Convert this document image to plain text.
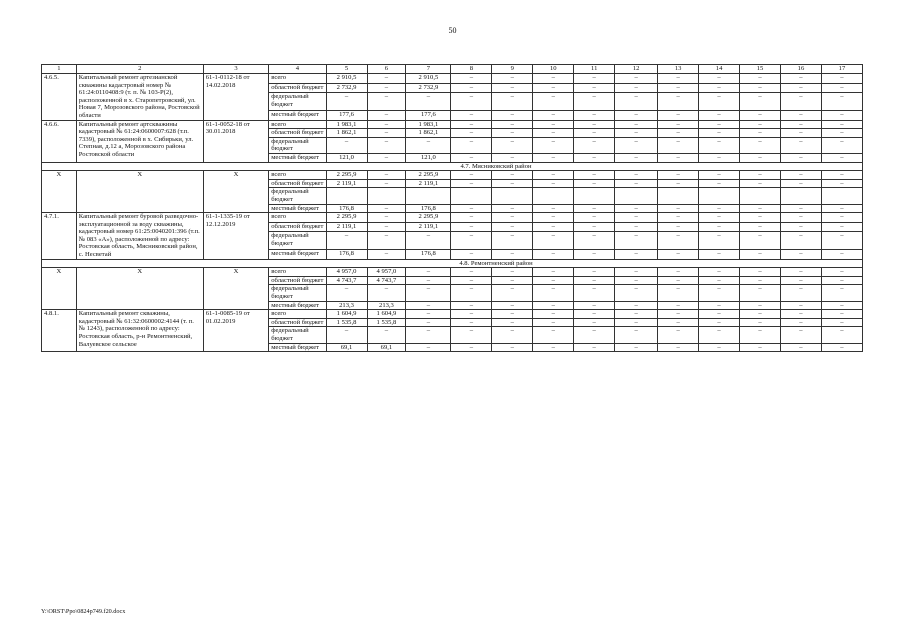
50
1	2	3	4	5	6	7	8	9	10	11	12	13	14	15	16	17
4.6.5.	Капитальный ремонт артезианской скважины кадастровый номер № 61:24:0110408:9 (т. п. № 103-Р(2), расположенной в х. Старопетровский, ул. Новая 7, Морозовского района, Ростовской области	61-1-0112-18 от 14.02.2018	всего	2 910,5	–	2 910,5	–	–	–	–	–	–	–	–	–	–
			областной бюджет	2 732,9	–	2 732,9	–	–	–	–	–	–	–	–	–	–
			федеральный бюджет	–	–	–	–	–	–	–	–	–	–	–	–	–
			местный бюджет	177,6	–	177,6	–	–	–	–	–	–	–	–	–	–
4.6.6.	Капитальный ремонт артскважины кадастровый № 61:24:0600007:628 (т.п. 7339), расположенной в х. Сибирьки, ул. Степная, д.12 а, Морозовского района Ростовской области	61-1-0052-18 от 30.01.2018	всего	1 983,1	–	1 983,1	–	–	–	–	–	–	–	–	–	–
			областной бюджет	1 862,1	–	1 862,1	–	–	–	–	–	–	–	–	–	–
			федеральный бюджет	–	–	–	–	–	–	–	–	–	–	–	–	–
			местный бюджет	121,0	–	121,0	–	–	–	–	–	–	–	–	–	–
4.7. Мясниковский район																
Х	Х	Х	всего	2 295,9	–	2 295,9	–	–	–	–	–	–	–	–	–	–
			областной бюджет	2 119,1	–	2 119,1	–	–	–	–	–	–	–	–	–	–
			федеральный бюджет													
			местный бюджет	176,8	–	176,8	–	–	–	–	–	–	–	–	–	–
4.7.1.	Капитальный ремонт буровой разведочно-эксплуатационной за воду скважины, кадастровый номер 61:25:0040201:396 (т.п. № 083 «А»), расположенной по адресу: Ростовская область, Мясниковский район, с. Несветай	61-1-1335-19 от 12.12.2019	всего	2 295,9	–	2 295,9	–	–	–	–	–	–	–	–	–	–
			областной бюджет	2 119,1	–	2 119,1	–	–	–	–	–	–	–	–	–	–
			федеральный бюджет	–	–	–	–	–	–	–	–	–	–	–	–	–
			местный бюджет	176,8	–	176,8	–	–	–	–	–	–	–	–	–	–
4.8. Ремонтненский район																
Х	Х	Х	всего	4 957,0	4 957,0	–	–	–	–	–	–	–	–	–	–	–
			областной бюджет	4 743,7	4 743,7	–	–	–	–	–	–	–	–	–	–	–
			федеральный бюджет	–	–	–	–	–	–	–	–	–	–	–	–	–
			местный бюджет	213,3	213,3	–	–	–	–	–	–	–	–	–	–	–
4.8.1.	Капитальный ремонт скважины, кадастровый № 61:32:0600002:4144 (т. п. № 1243), расположенной по адресу: Ростовская область, р-н Ремонтненский, Валуевское сельское	61-1-0085-19 от 01.02.2019	всего	1 604,9	1 604,9	–	–	–	–	–	–	–	–	–	–	–
			областной бюджет	1 535,8	1 535,8	–	–	–	–	–	–	–	–	–	–	–
			федеральный бюджет	–	–	–	–	–	–	–	–	–	–	–	–	–
			местный бюджет	69,1	69,1	–	–	–	–	–	–	–	–	–	–	–
Y:\ORST\Ppo\0824p749.f20.docx
